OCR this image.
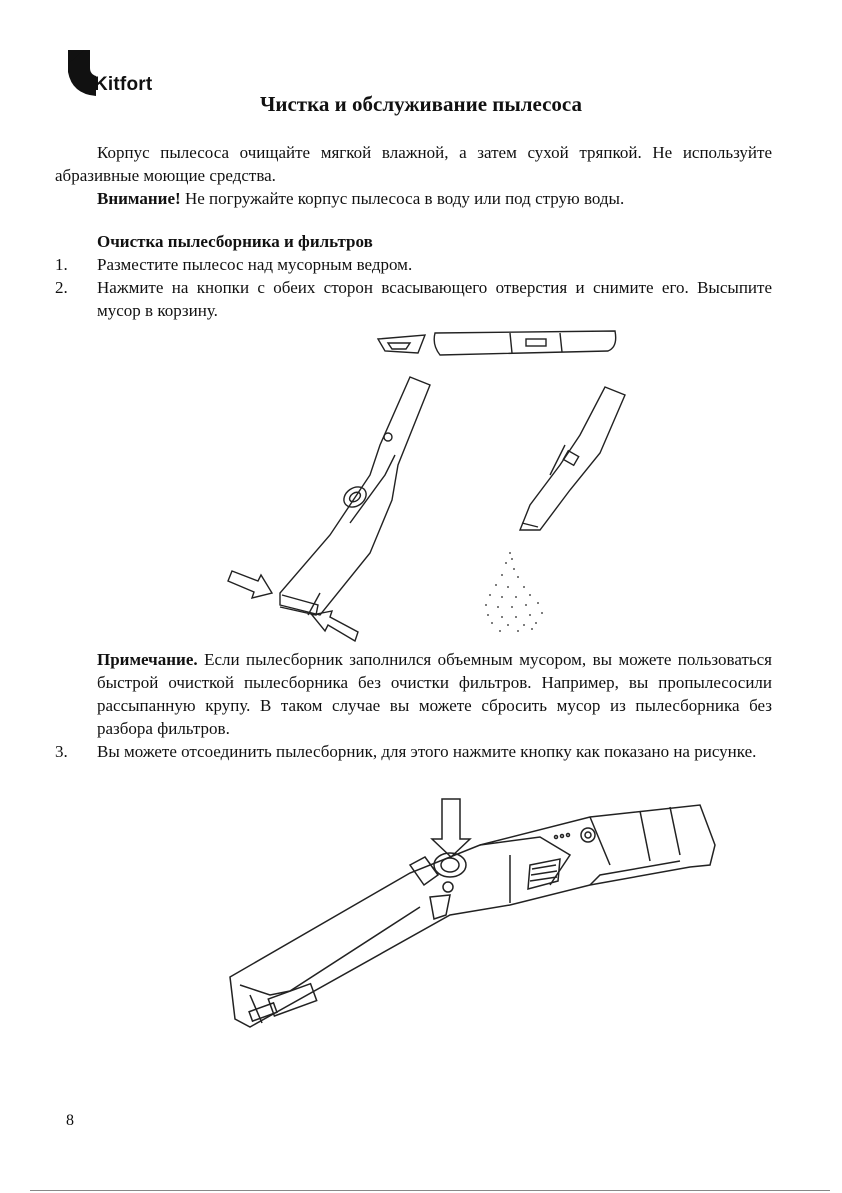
Kitfort
Чистка и обслуживание пылесоса
Корпус пылесоса очищайте мягкой влажной, а затем сухой тряпкой. Не используйте абразивные моющие средства.
Внимание! Не погружайте корпус пылесоса в воду или под струю воды.
Очистка пылесборника и фильтров
1.	Разместите пылесос над мусорным ведром.
2.	Нажмите на кнопки с обеих сторон всасывающего отверстия и снимите его. Высыпите мусор в корзину.
Примечание. Если пылесборник заполнился объемным мусором, вы можете пользоваться быстрой очисткой пылесборника без очистки фильтров. Например, вы пропылесосили рассыпанную крупу. В таком случае вы можете сбросить мусор из пылесборника без разбора фильтров.
3.	Вы можете отсоединить пылесборник, для этого нажмите кнопку как показано на рисунке.
8
